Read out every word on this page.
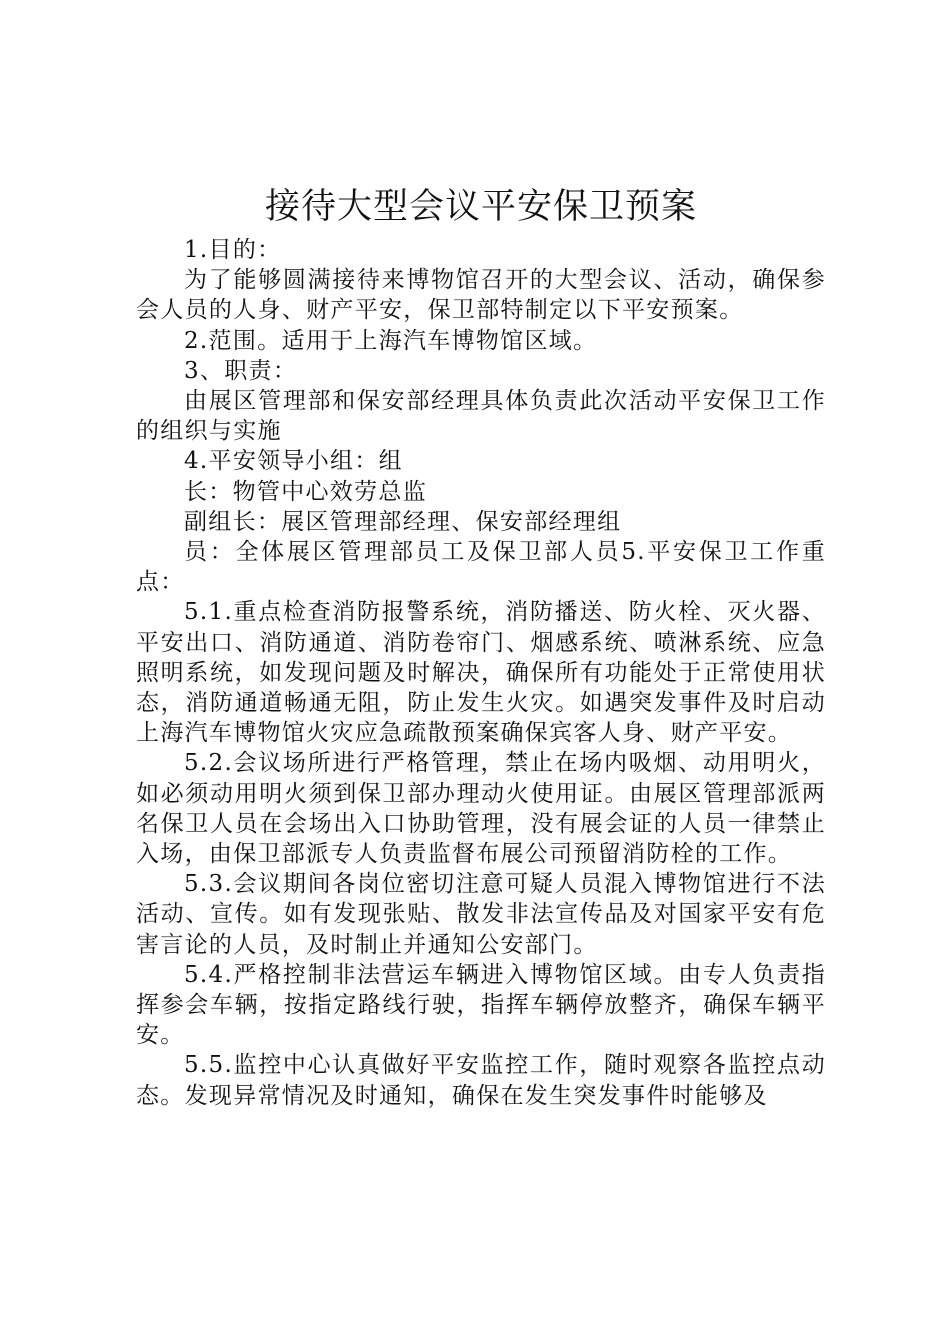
接待大型会议平安保卫预案

1.目的：

为了能够圆满接待来博物馆召开的大型会议、活动，确保参会人员的人身、财产平安，保卫部特制定以下平安预案。

2.范围。适用于上海汽车博物馆区域。

3、职责：

由展区管理部和保安部经理具体负责此次活动平安保卫工作的组织与实施

4.平安领导小组：组

长：物管中心效劳总监

副组长：展区管理部经理、保安部经理组

员：全体展区管理部员工及保卫部人员5.平安保卫工作重点：

5.1.重点检查消防报警系统，消防播送、防火栓、灭火器、平安出口、消防通道、消防卷帘门、烟感系统、喷淋系统、应急照明系统，如发现问题及时解决，确保所有功能处于正常使用状态，消防通道畅通无阻，防止发生火灾。如遇突发事件及时启动上海汽车博物馆火灾应急疏散预案确保宾客人身、财产平安。

5.2.会议场所进行严格管理，禁止在场内吸烟、动用明火，如必须动用明火须到保卫部办理动火使用证。由展区管理部派两名保卫人员在会场出入口协助管理，没有展会证的人员一律禁止入场，由保卫部派专人负责监督布展公司预留消防栓的工作。

5.3.会议期间各岗位密切注意可疑人员混入博物馆进行不法活动、宣传。如有发现张贴、散发非法宣传品及对国家平安有危害言论的人员，及时制止并通知公安部门。

5.4.严格控制非法营运车辆进入博物馆区域。由专人负责指挥参会车辆，按指定路线行驶，指挥车辆停放整齐，确保车辆平安。

5.5.监控中心认真做好平安监控工作，随时观察各监控点动态。发现异常情况及时通知，确保在发生突发事件时能够及
